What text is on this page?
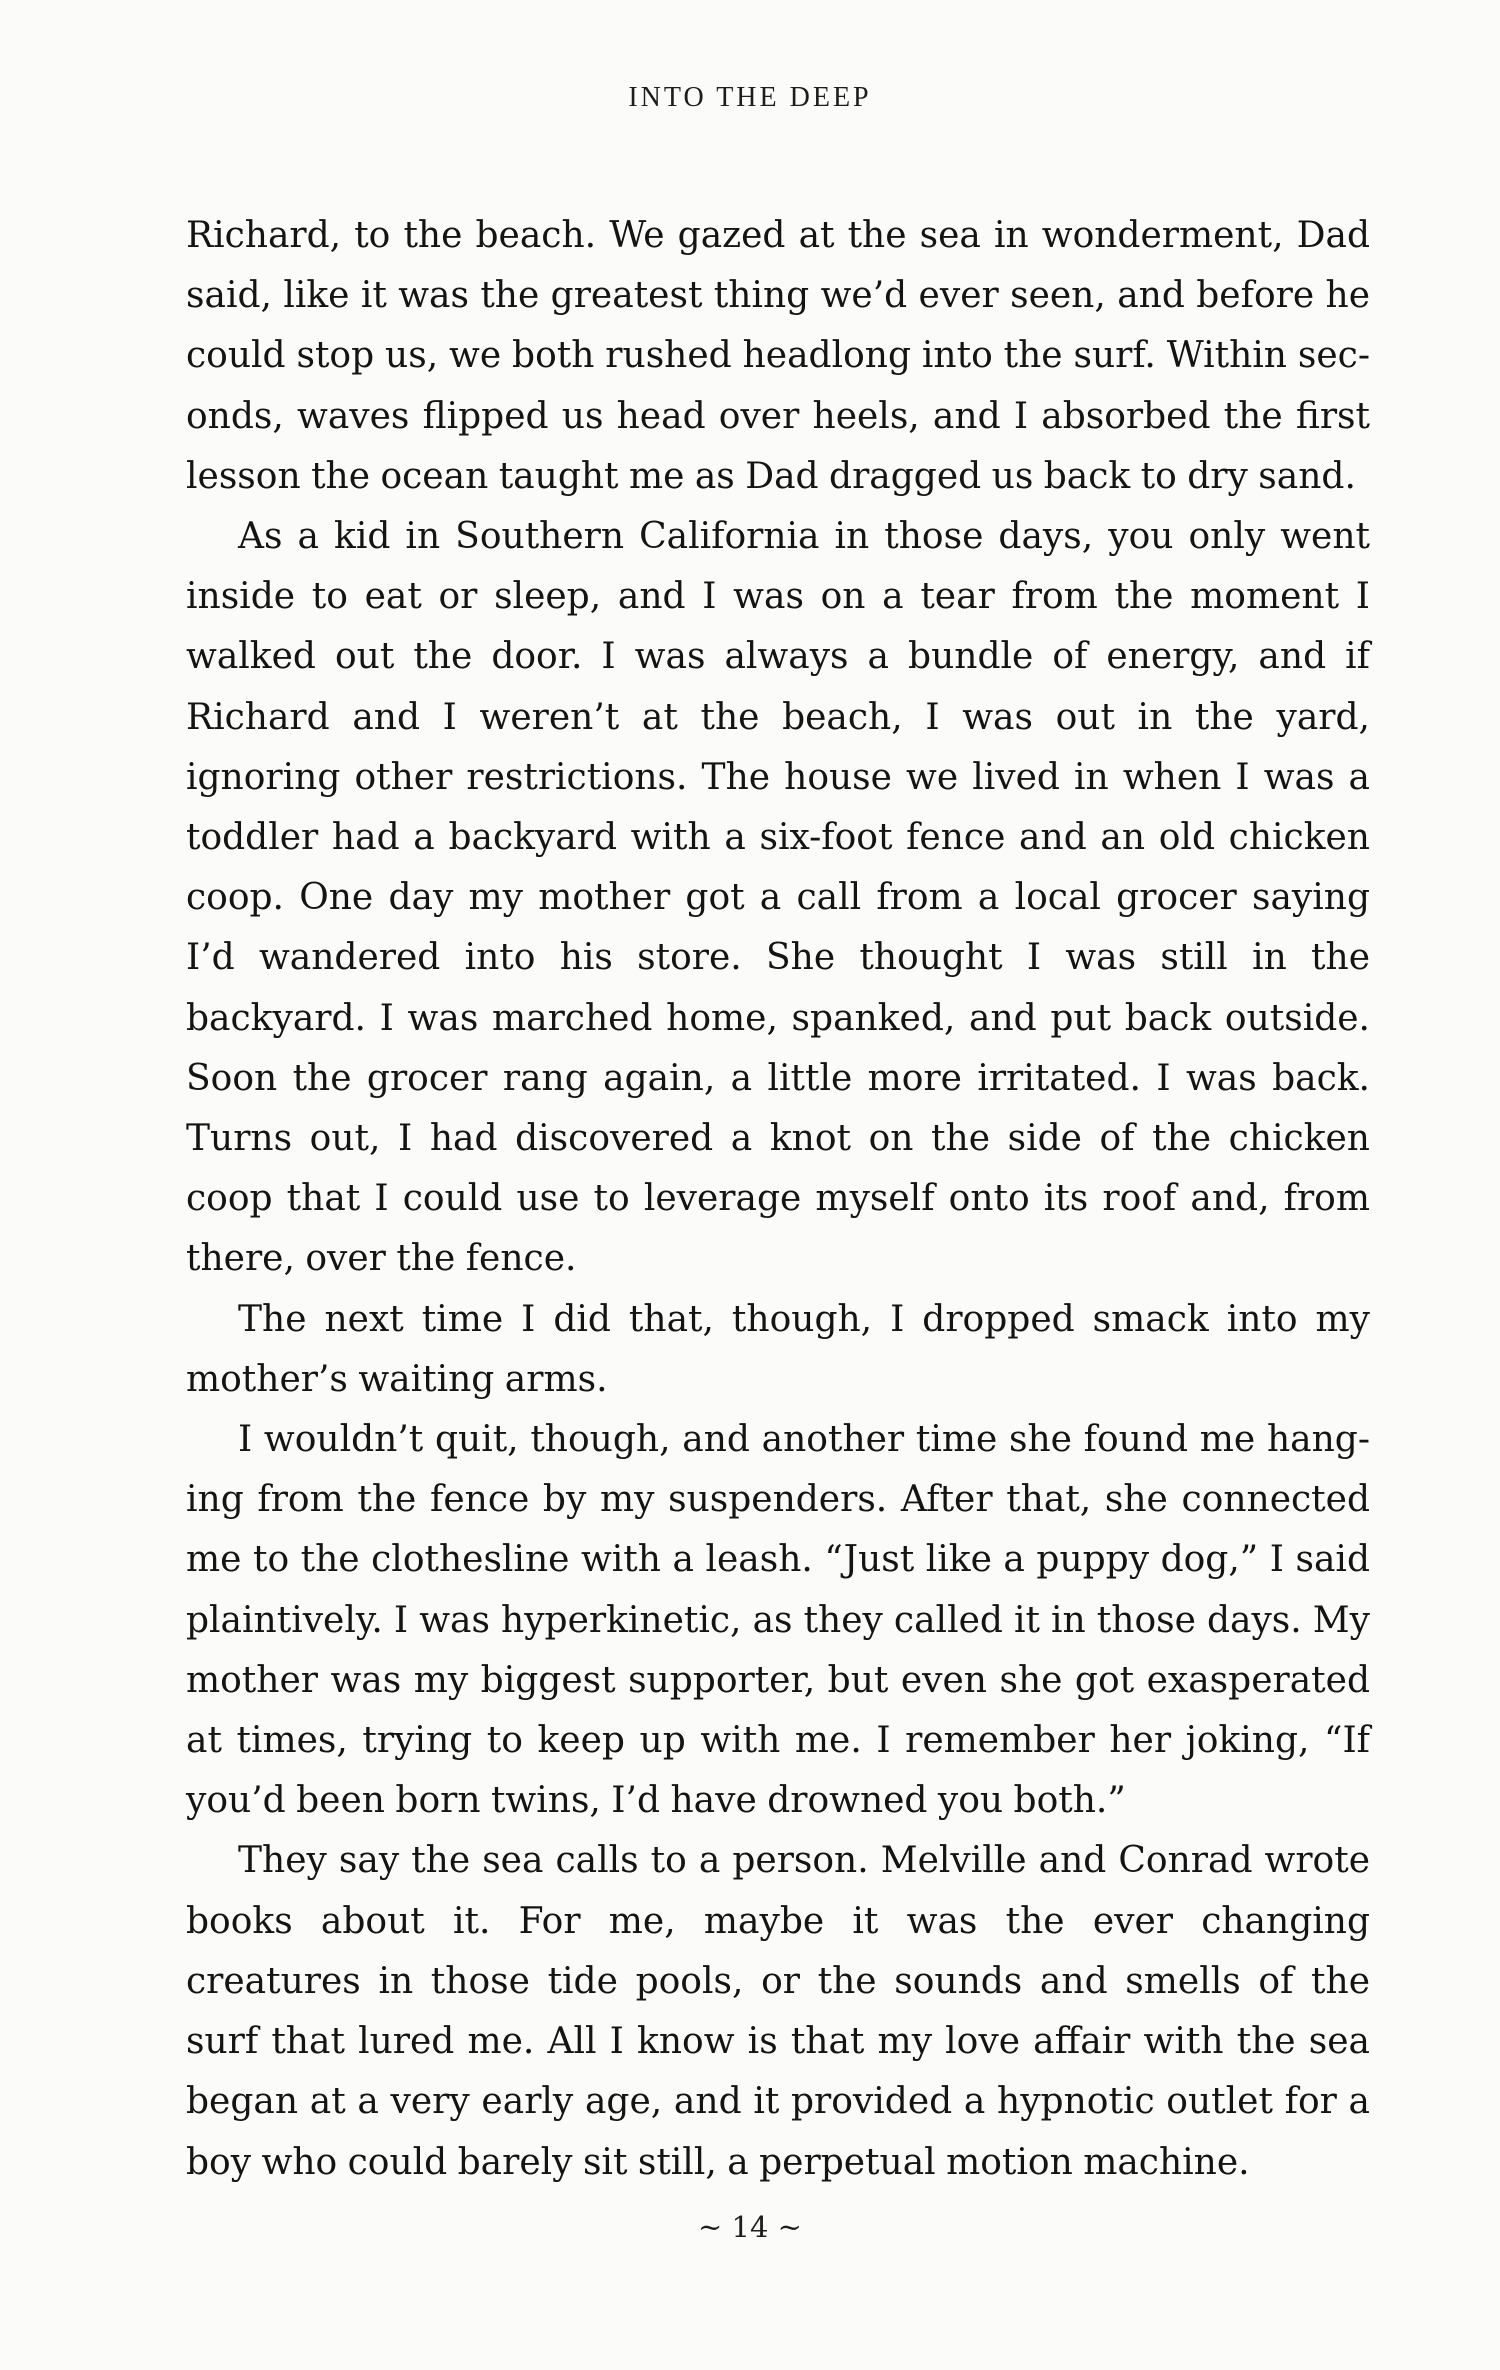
INTO THE DEEP

Richard, to the beach. We gazed at the sea in wonderment, Dad said, like it was the greatest thing we’d ever seen, and before he could stop us, we both rushed headlong into the surf. Within seconds, waves flipped us head over heels, and I absorbed the first lesson the ocean taught me as Dad dragged us back to dry sand.

As a kid in Southern California in those days, you only went inside to eat or sleep, and I was on a tear from the moment I walked out the door. I was always a bundle of energy, and if Richard and I weren’t at the beach, I was out in the yard, ignoring other restrictions. The house we lived in when I was a toddler had a backyard with a six-foot fence and an old chicken coop. One day my mother got a call from a local grocer saying I’d wandered into his store. She thought I was still in the backyard. I was marched home, spanked, and put back outside. Soon the grocer rang again, a little more irritated. I was back. Turns out, I had discovered a knot on the side of the chicken coop that I could use to leverage myself onto its roof and, from there, over the fence.

The next time I did that, though, I dropped smack into my mother’s waiting arms.

I wouldn’t quit, though, and another time she found me hanging from the fence by my suspenders. After that, she connected me to the clothesline with a leash. “Just like a puppy dog,” I said plaintively. I was hyperkinetic, as they called it in those days. My mother was my biggest supporter, but even she got exasperated at times, trying to keep up with me. I remember her joking, “If you’d been born twins, I’d have drowned you both.”

They say the sea calls to a person. Melville and Conrad wrote books about it. For me, maybe it was the ever changing creatures in those tide pools, or the sounds and smells of the surf that lured me. All I know is that my love affair with the sea began at a very early age, and it provided a hypnotic outlet for a boy who could barely sit still, a perpetual motion machine.

~ 14 ~
